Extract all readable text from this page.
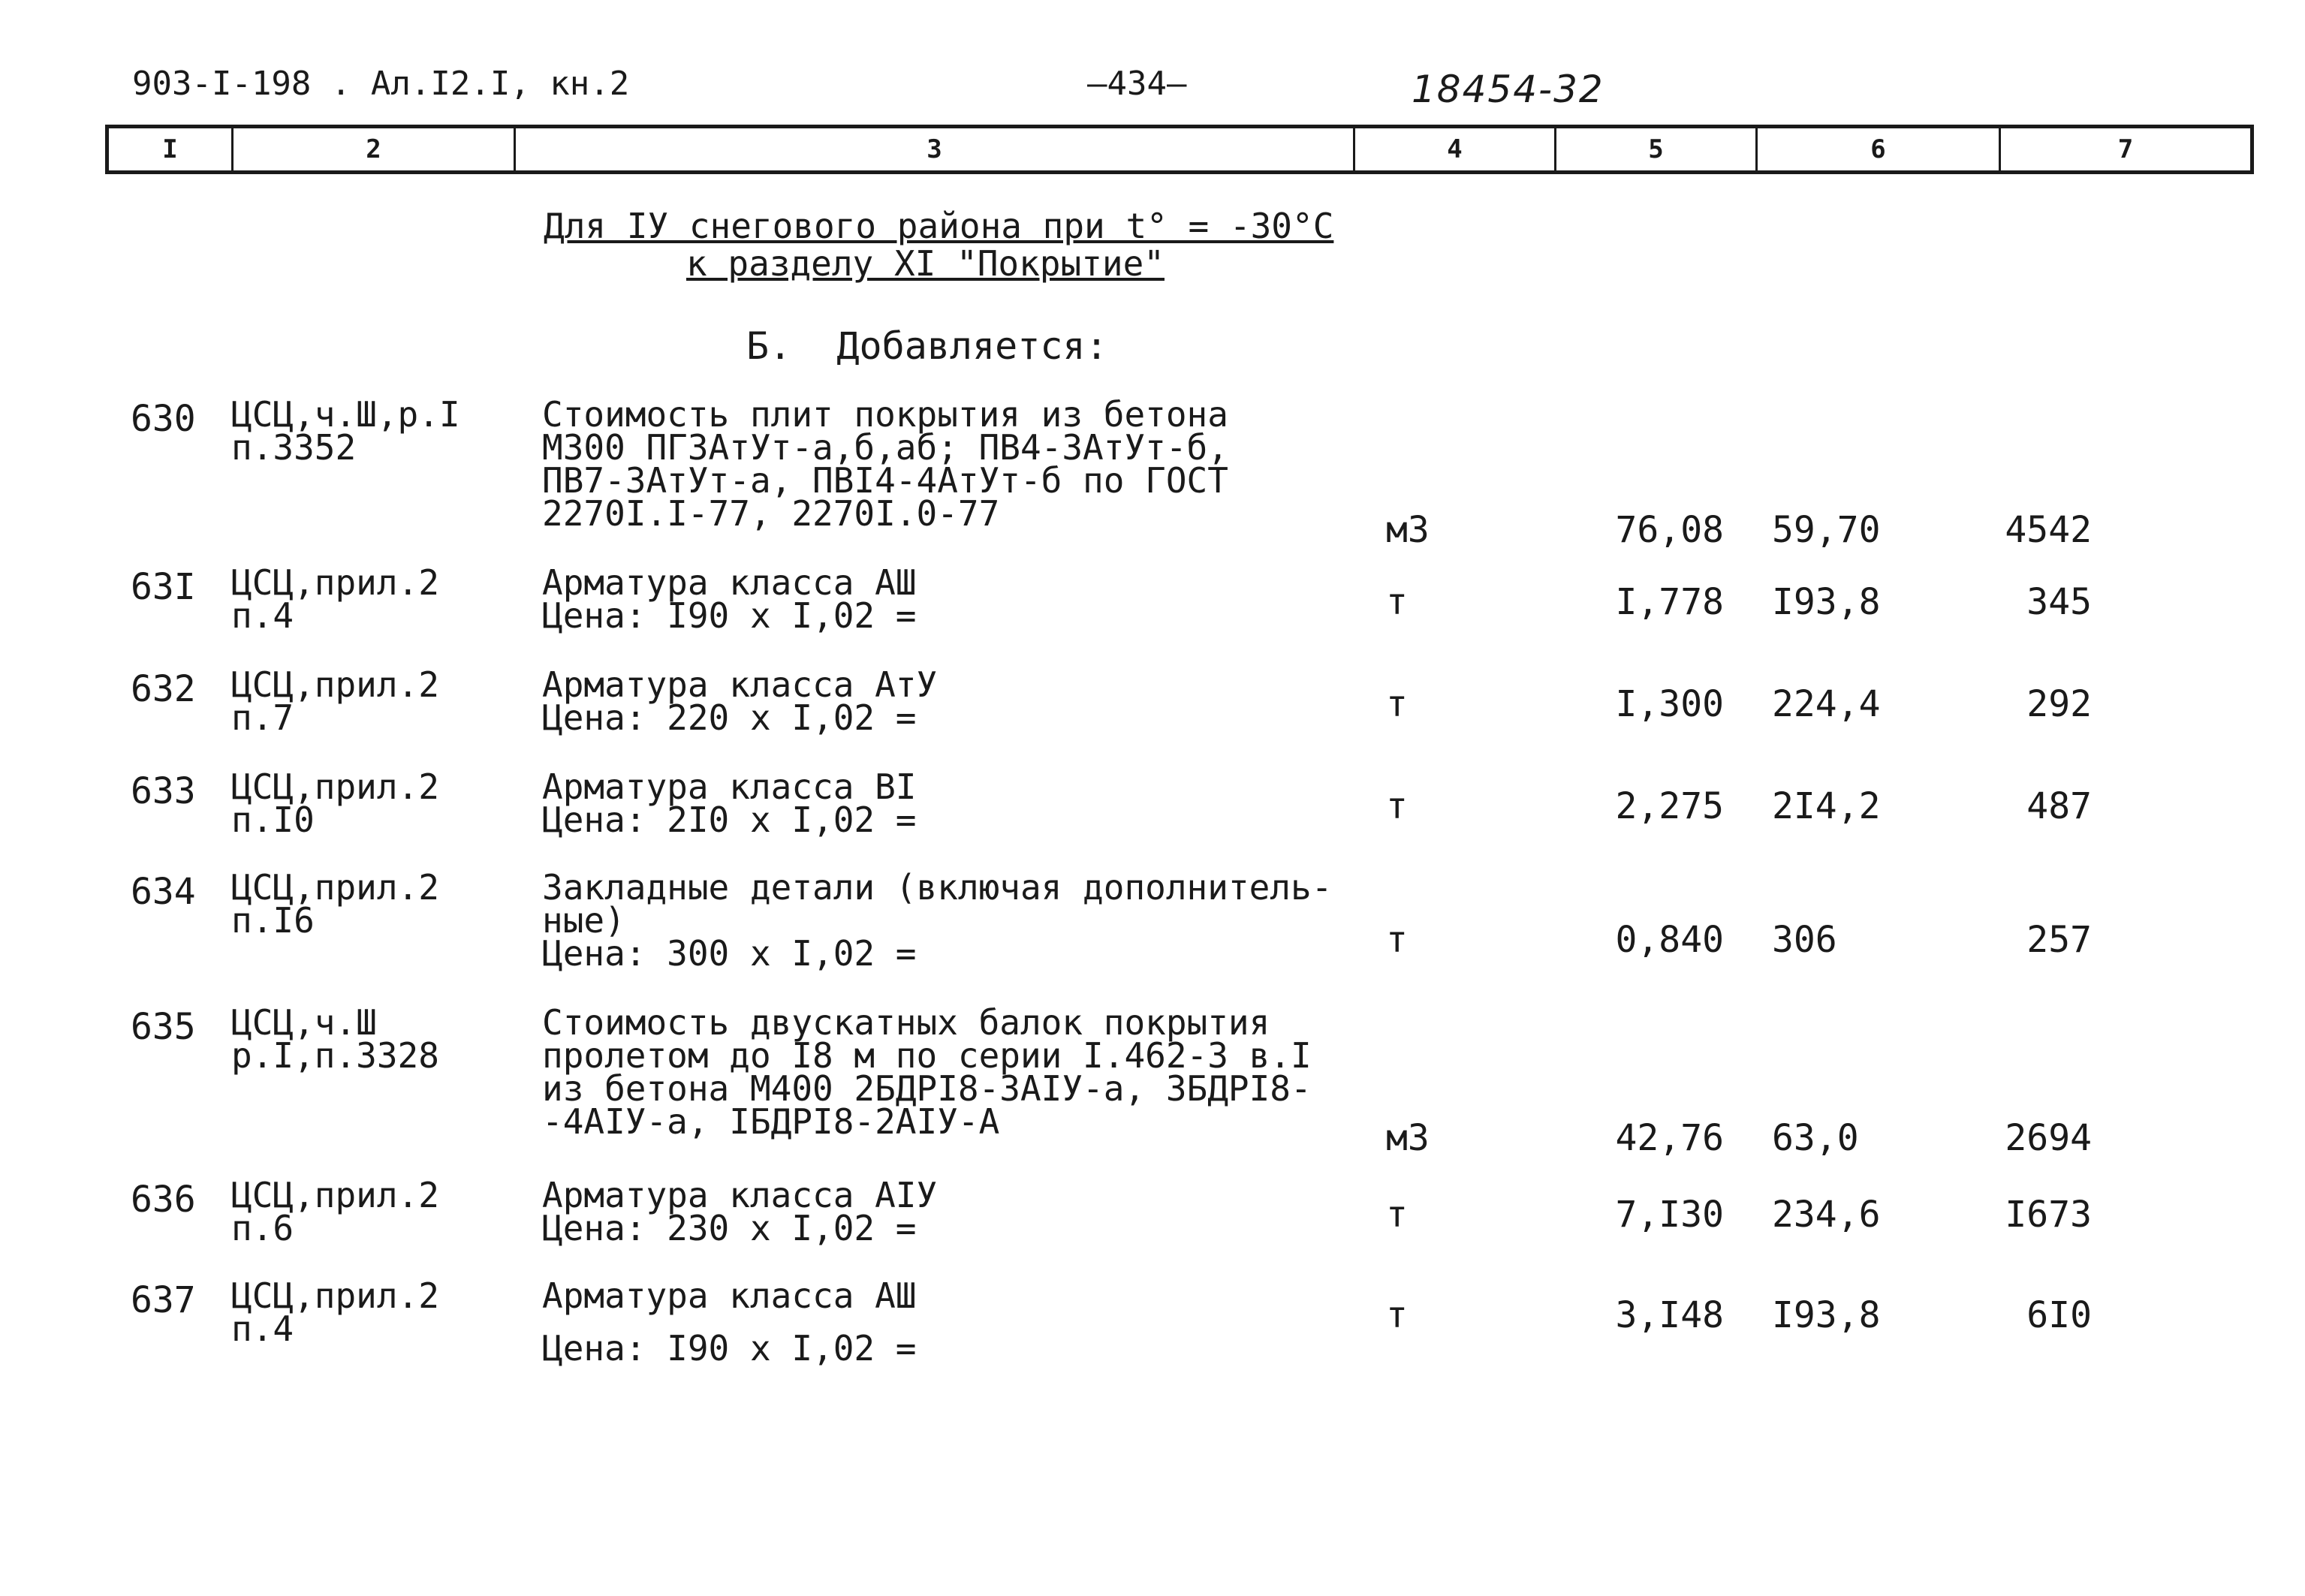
903-I-198 . Ал.I2.I, кн.2	—434—	18454-32
I	2	3	4	5	6	7
Для IУ снегового района при t° = -30°C
к разделу XI "Покрытие"
Б.  Добавляется:
630 ЦСЦ,ч.Ш,р.I
п.3352
Стоимость плит покрытия из бетона
М300 ПГЗАтУт-а,б,аб; ПВ4-ЗАтУт-б,
ПВ7-ЗАтУт-а, ПВI4-4АтУт-б по ГОСТ
2270I.I-77, 2270I.0-77	м3	76,08 59,70	4542
63I ЦСЦ,прил.2
п.4
Арматура класса АШ
Цена: I90 х I,02 =	т	I,778 I93,8	345
632 ЦСЦ,прил.2
п.7
Арматура класса АтУ
Цена: 220 х I,02 =	т	I,300 224,4	292
633 ЦСЦ,прил.2
п.I0
Арматура класса ВI
Цена: 2I0 х I,02 =	т	2,275 2I4,2	487
634 ЦСЦ,прил.2
п.I6
Закладные детали (включая дополнитель-
ные)
Цена: 300 х I,02 =	т	0,840 306	257
635 ЦСЦ,ч.Ш
р.I,п.3328
Стоимость двускатных балок покрытия
пролетом до I8 м по серии I.462-3 в.I
из бетона М400 2БДРI8-3АIУ-а, 3БДРI8-
-4АIУ-а, IБДРI8-2АIУ-А	м3	42,76 63,0	2694
636 ЦСЦ,прил.2
п.6
Арматура класса АIУ
Цена: 230 х I,02 =	т	7,I30 234,6	I673
637 ЦСЦ,прил.2
п.4
Арматура класса АШ
Цена: I90 х I,02 =
т	3,I48 I93,8	6I0
